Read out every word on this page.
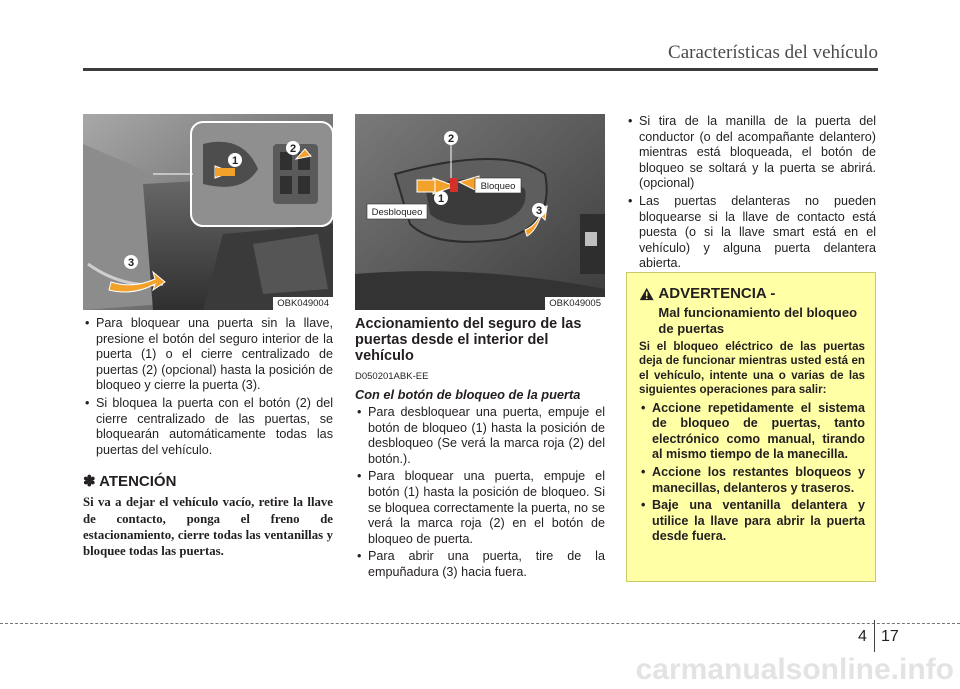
Características del vehículo
1
2
3
OBK049004
2
1
3
Bloqueo
Desbloqueo
OBK049005
• Para bloquear una puerta sin la llave, presione el botón del seguro interior de la puerta (1) o el cierre centralizado de puertas (2) (opcional) hasta la posición de bloqueo y cierre la puerta (3).
• Si bloquea la puerta con el botón (2) del cierre centralizado de las puertas, se bloquearán automáticamente todas las puertas del vehículo.
✽ ATENCIÓN
Si va a dejar el vehículo vacío, retire la llave de contacto, ponga el freno de estacionamiento, cierre todas las ventanillas y bloquee todas las puertas.
Accionamiento del seguro de las puertas desde el interior del vehículo
D050201ABK-EE
Con el botón de bloqueo de la puerta
• Para desbloquear una puerta, empuje el botón de bloqueo (1) hasta la posición de desbloqueo (Se verá la marca roja (2) del botón.).
• Para bloquear una puerta, empuje el botón (1) hasta la posición de bloqueo. Si se bloquea correctamente la puerta, no se verá la marca roja (2) en el botón de bloqueo de puerta.
• Para abrir una puerta, tire de la empuñadura (3) hacia fuera.
• Si tira de la manilla de la puerta del conductor (o del acompañante delantero) mientras está bloqueada, el botón de bloqueo se soltará y la puerta se abrirá. (opcional)
• Las puertas delanteras no pueden bloquearse si la llave de contacto está puesta (o si la llave smart está en el vehículo) y alguna puerta delantera abierta.
ADVERTENCIA -
Mal funcionamiento del bloqueo de puertas
Si el bloqueo eléctrico de las puertas deja de funcionar mientras usted está en el vehículo, intente una o varias de las siguientes operaciones para salir:
• Accione repetidamente el sistema de bloqueo de puertas, tanto electrónico como manual, tirando al mismo tiempo de la manecilla.
• Accione los restantes bloqueos y manecillas, delanteros y traseros.
• Baje una ventanilla delantera y utilice la llave para abrir la puerta desde fuera.
4 17
carmanualsonline.info
